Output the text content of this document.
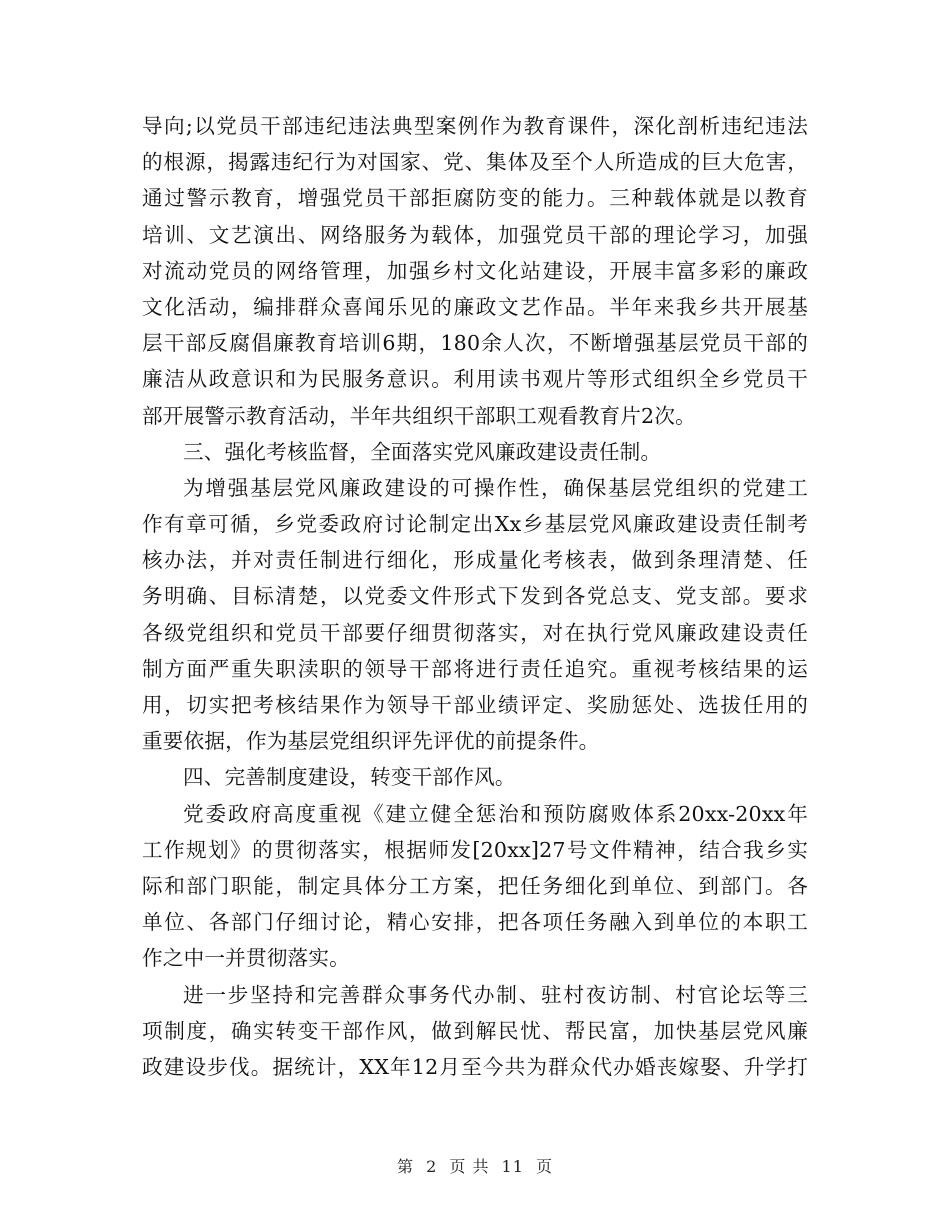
导向;以党员干部违纪违法典型案例作为教育课件，深化剖析违纪违法
的根源，揭露违纪行为对国家、党、集体及至个人所造成的巨大危害，
通过警示教育，增强党员干部拒腐防变的能力。三种载体就是以教育
培训、文艺演出、网络服务为载体，加强党员干部的理论学习，加强
对流动党员的网络管理，加强乡村文化站建设，开展丰富多彩的廉政
文化活动，编排群众喜闻乐见的廉政文艺作品。半年来我乡共开展基
层干部反腐倡廉教育培训6期，180余人次，不断增强基层党员干部的
廉洁从政意识和为民服务意识。利用读书观片等形式组织全乡党员干
部开展警示教育活动，半年共组织干部职工观看教育片2次。
三、强化考核监督，全面落实党风廉政建设责任制。
为增强基层党风廉政建设的可操作性，确保基层党组织的党建工
作有章可循，乡党委政府讨论制定出Xx乡基层党风廉政建设责任制考
核办法，并对责任制进行细化，形成量化考核表，做到条理清楚、任
务明确、目标清楚，以党委文件形式下发到各党总支、党支部。要求
各级党组织和党员干部要仔细贯彻落实，对在执行党风廉政建设责任
制方面严重失职渎职的领导干部将进行责任追究。重视考核结果的运
用，切实把考核结果作为领导干部业绩评定、奖励惩处、选拔任用的
重要依据，作为基层党组织评先评优的前提条件。
四、完善制度建设，转变干部作风。
党委政府高度重视《建立健全惩治和预防腐败体系20xx-20xx年
工作规划》的贯彻落实，根据师发[20xx]27号文件精神，结合我乡实
际和部门职能，制定具体分工方案，把任务细化到单位、到部门。各
单位、各部门仔细讨论，精心安排，把各项任务融入到单位的本职工
作之中一并贯彻落实。
进一步坚持和完善群众事务代办制、驻村夜访制、村官论坛等三
项制度，确实转变干部作风，做到解民忧、帮民富，加快基层党风廉
政建设步伐。据统计，XX年12月至今共为群众代办婚丧嫁娶、升学打
第 2 页 共 11 页
